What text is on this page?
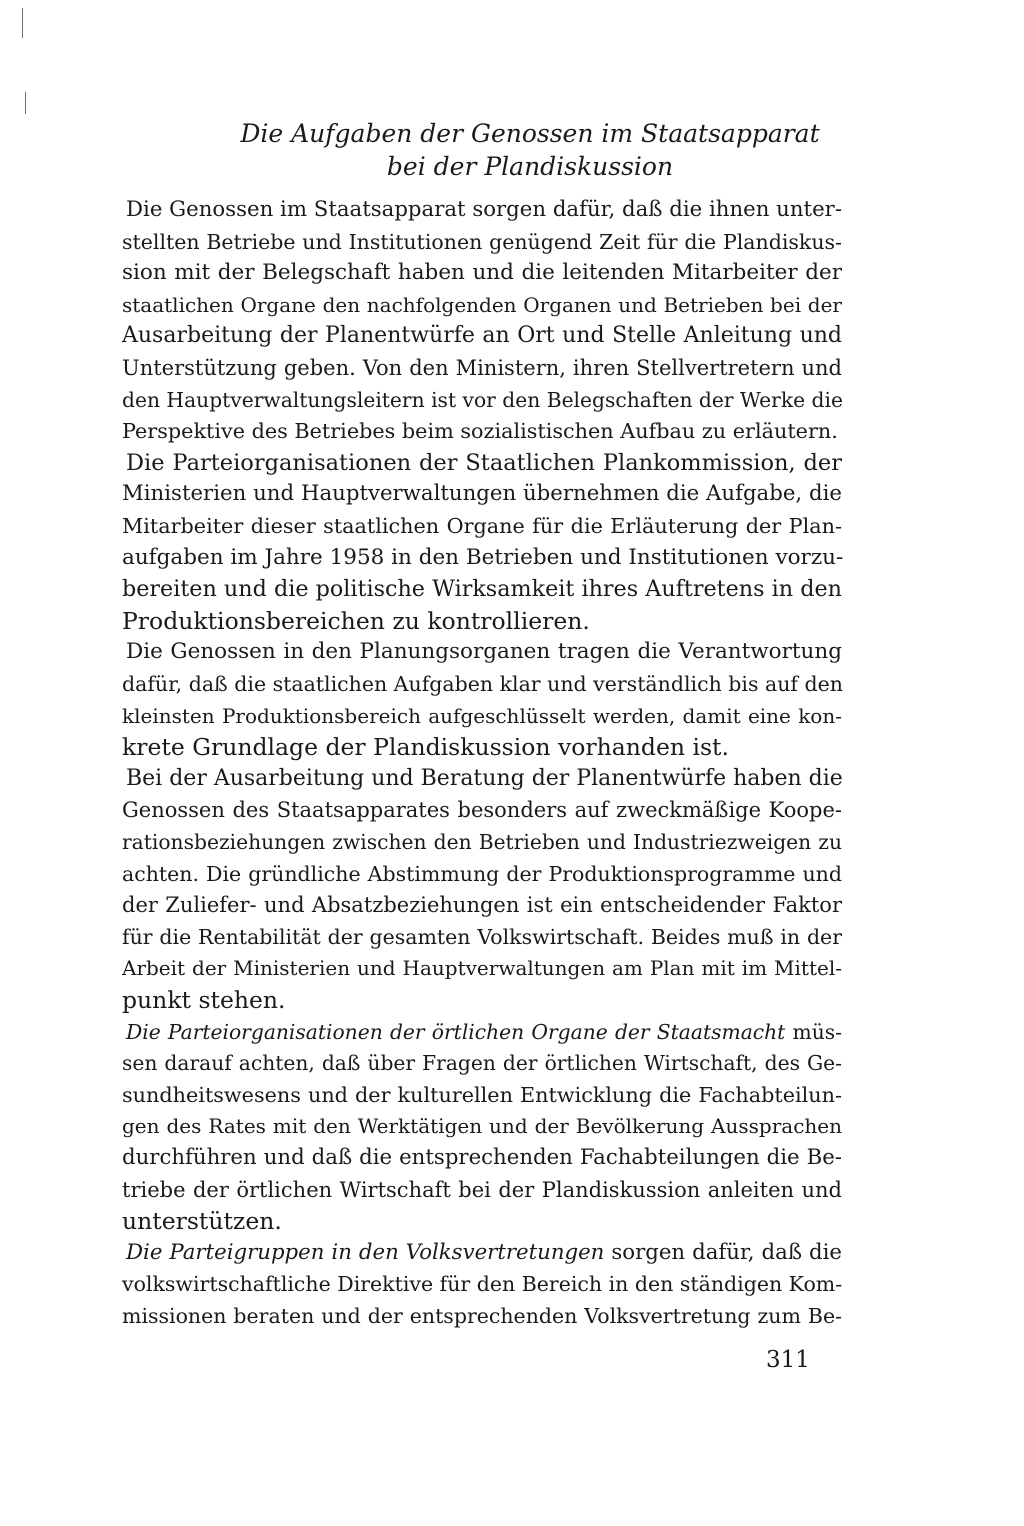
Die Aufgaben der Genossen im Staatsapparat
bei der Plandiskussion
Die Genossen im Staatsapparat sorgen dafür, daß die ihnen unter-
stellten Betriebe und Institutionen genügend Zeit für die Plandiskus-
sion mit der Belegschaft haben und die leitenden Mitarbeiter der
staatlichen Organe den nachfolgenden Organen und Betrieben bei der
Ausarbeitung der Planentwürfe an Ort und Stelle Anleitung und
Unterstützung geben. Von den Ministern, ihren Stellvertretern und
den Hauptverwaltungsleitern ist vor den Belegschaften der Werke die
Perspektive des Betriebes beim sozialistischen Aufbau zu erläutern.
Die Parteiorganisationen der Staatlichen Plankommission, der
Ministerien und Hauptverwaltungen übernehmen die Aufgabe, die
Mitarbeiter dieser staatlichen Organe für die Erläuterung der Plan-
aufgaben im Jahre 1958 in den Betrieben und Institutionen vorzu-
bereiten und die politische Wirksamkeit ihres Auftretens in den
Produktionsbereichen zu kontrollieren.
Die Genossen in den Planungsorganen tragen die Verantwortung
dafür, daß die staatlichen Aufgaben klar und verständlich bis auf den
kleinsten Produktionsbereich aufgeschlüsselt werden, damit eine kon-
krete Grundlage der Plandiskussion vorhanden ist.
Bei der Ausarbeitung und Beratung der Planentwürfe haben die
Genossen des Staatsapparates besonders auf zweckmäßige Koope-
rationsbeziehungen zwischen den Betrieben und Industriezweigen zu
achten. Die gründliche Abstimmung der Produktionsprogramme und
der Zuliefer- und Absatzbeziehungen ist ein entscheidender Faktor
für die Rentabilität der gesamten Volkswirtschaft. Beides muß in der
Arbeit der Ministerien und Hauptverwaltungen am Plan mit im Mittel-
punkt stehen.
Die Parteiorganisationen der örtlichen Organe der Staatsmacht müs-
sen darauf achten, daß über Fragen der örtlichen Wirtschaft, des Ge-
sundheitswesens und der kulturellen Entwicklung die Fachabteilun-
gen des Rates mit den Werktätigen und der Bevölkerung Aussprachen
durchführen und daß die entsprechenden Fachabteilungen die Be-
triebe der örtlichen Wirtschaft bei der Plandiskussion anleiten und
unterstützen.
Die Parteigruppen in den Volksvertretungen sorgen dafür, daß die
volkswirtschaftliche Direktive für den Bereich in den ständigen Kom-
missionen beraten und der entsprechenden Volksvertretung zum Be-
311
